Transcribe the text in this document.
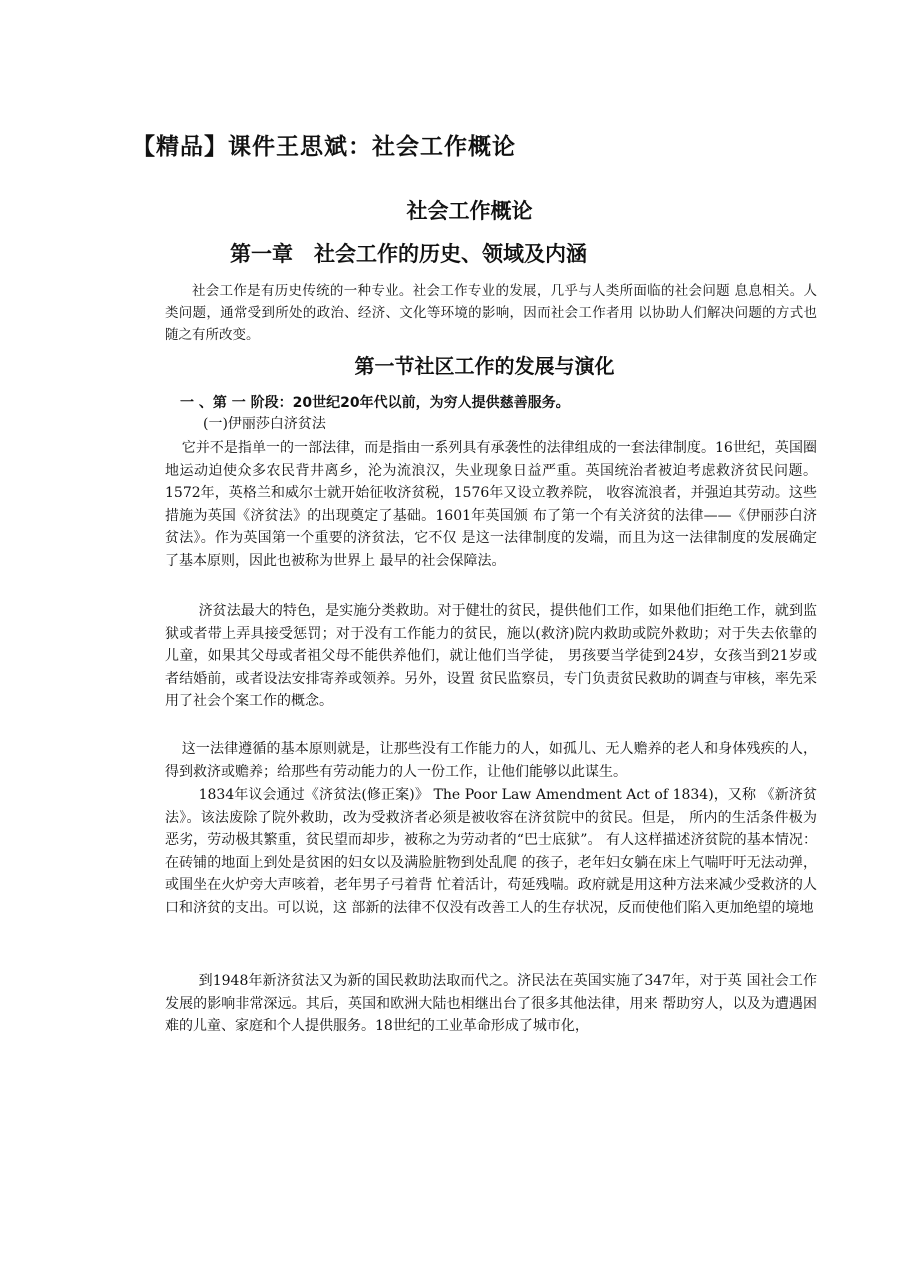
【精品】课件王思斌：社会工作概论
社会工作概论
第一章　社会工作的历史、领域及内涵

社会工作是有历史传统的一种专业。社会工作专业的发展，几乎与人类所面临的社会问题 息息相关。人类问题，通常受到所处的政治、经济、文化等环境的影响，因而社会工作者用 以协助人们解决问题的方式也随之有所改变。

第一节社区工作的发展与演化
一 、第 一 阶段：20世纪20年代以前，为穷人提供慈善服务。
(一)伊丽莎白济贫法

它并不是指单一的一部法律，而是指由一系列具有承袭性的法律组成的一套法律制度。16世纪，英国圈地运动迫使众多农民背井离乡，沦为流浪汉，失业现象日益严重。英国统治者被迫考虑救济贫民问题。1572年，英格兰和威尔士就开始征收济贫税，1576年又设立教养院， 收容流浪者，并强迫其劳动。这些措施为英国《济贫法》的出现奠定了基础。1601年英国颁 布了第一个有关济贫的法律——《伊丽莎白济贫法》。作为英国第一个重要的济贫法，它不仅 是这一法律制度的发端，而且为这一法律制度的发展确定了基本原则，因此也被称为世界上 最早的社会保障法。

济贫法最大的特色，是实施分类救助。对于健壮的贫民，提供他们工作，如果他们拒绝工作，就到监狱或者带上弄具接受惩罚；对于没有工作能力的贫民，施以(救济)院内救助或院外救助；对于失去依靠的儿童，如果其父母或者祖父母不能供养他们，就让他们当学徒， 男孩要当学徒到24岁，女孩当到21岁或者结婚前，或者设法安排寄养或领养。另外，设置 贫民监察员，专门负责贫民救助的调查与审核，率先采用了社会个案工作的概念。

这一法律遵循的基本原则就是，让那些没有工作能力的人，如孤儿、无人赡养的老人和身体残疾的人，得到救济或赡养；给那些有劳动能力的人一份工作，让他们能够以此谋生。

1834年议会通过《济贫法(修正案)》 The Poor Law Amendment Act of 1834)，又称 《新济贫法》。该法废除了院外救助，改为受救济者必须是被收容在济贫院中的贫民。但是， 所内的生活条件极为恶劣，劳动极其繁重，贫民望而却步，被称之为劳动者的“巴士底狱”。 有人这样描述济贫院的基本情况：在砖铺的地面上到处是贫困的妇女以及满脸脏物到处乱爬 的孩子，老年妇女躺在床上气喘吁吁无法动弹，或围坐在火炉旁大声咳着，老年男子弓着背 忙着活计，苟延残喘。政府就是用这种方法来减少受救济的人口和济贫的支出。可以说，这 部新的法律不仅没有改善工人的生存状况，反而使他们陷入更加绝望的境地

到1948年新济贫法又为新的国民救助法取而代之。济民法在英国实施了347年，对于英 国社会工作发展的影响非常深远。其后，英国和欧洲大陆也相继出台了很多其他法律，用来 帮助穷人，以及为遭遇困难的儿童、家庭和个人提供服务。18世纪的工业革命形成了城市化，
